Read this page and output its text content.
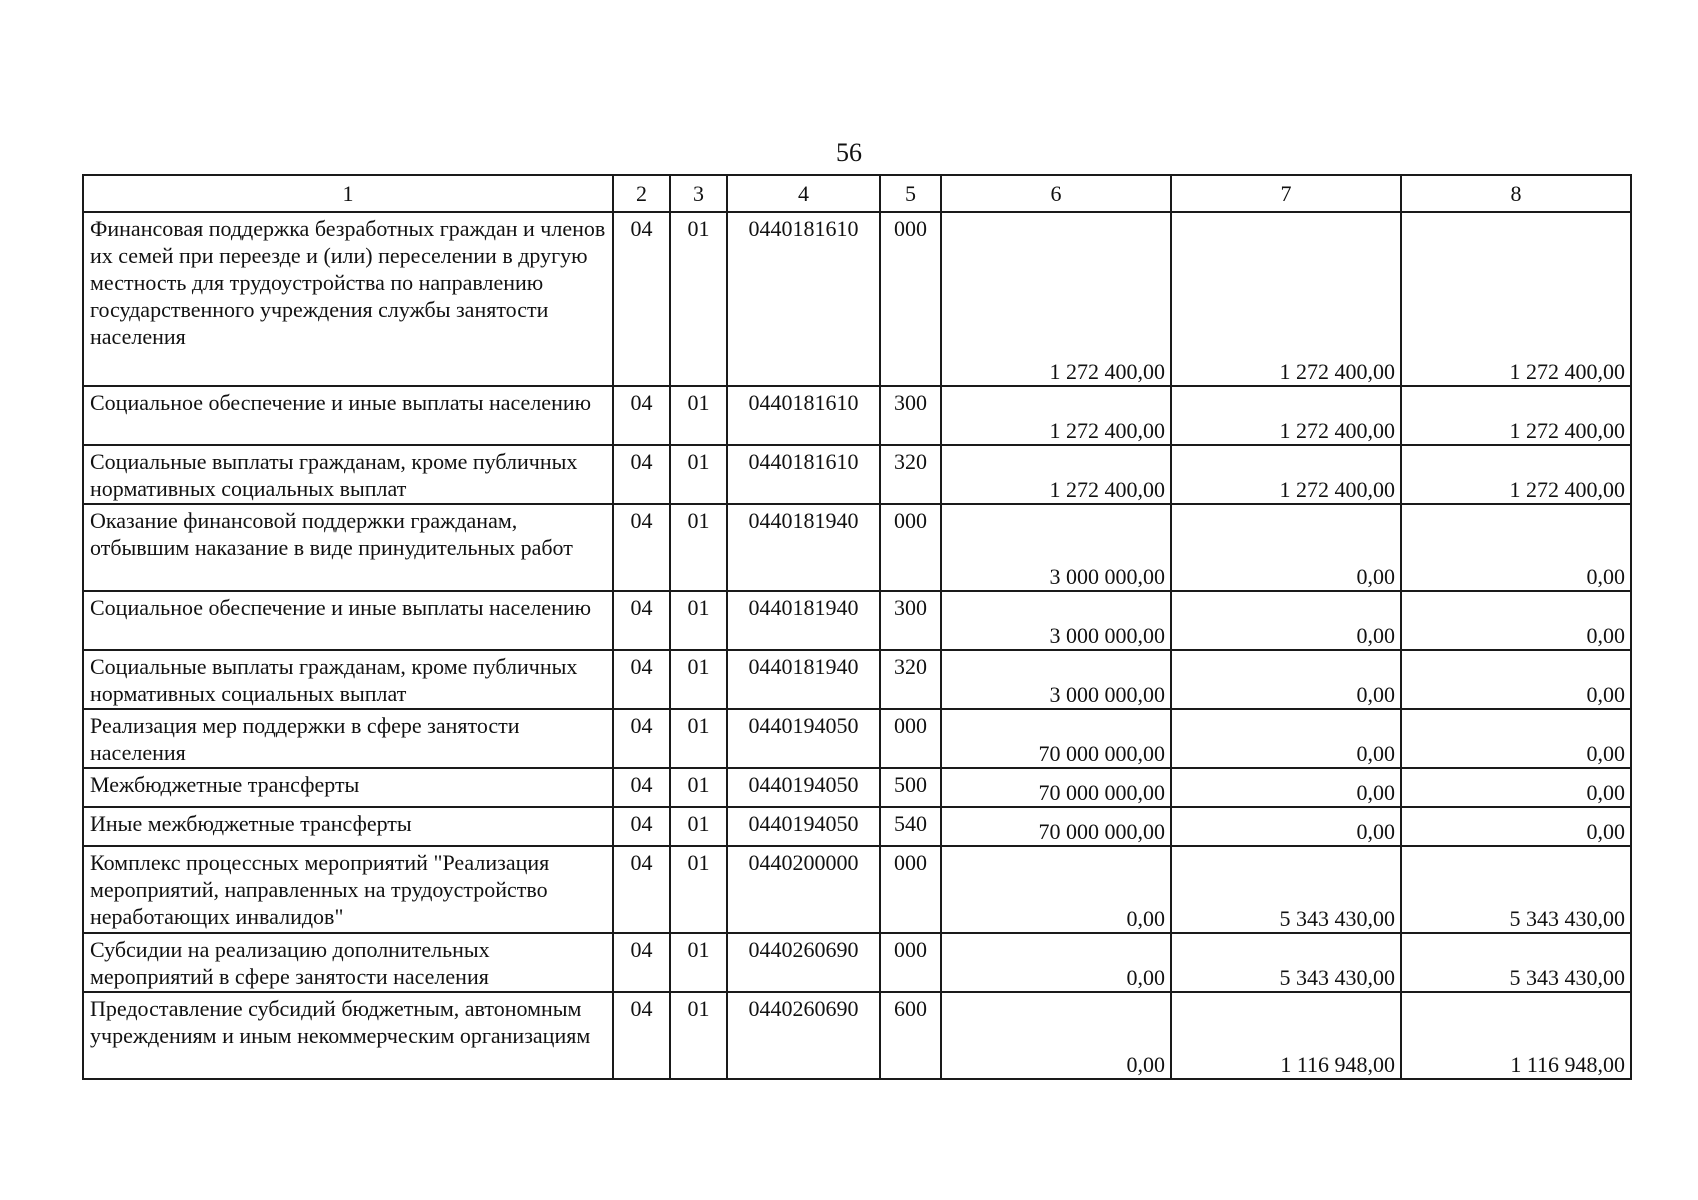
56
1	2	3	4	5	6	7	8
Финансовая поддержка безработных граждан и членов их семей при переезде и (или) переселении в другую местность для трудоустройства по направлению государственного учреждения службы занятости населения	04	01	0440181610	000	1 272 400,00	1 272 400,00	1 272 400,00
Социальное обеспечение и иные выплаты населению	04	01	0440181610	300	1 272 400,00	1 272 400,00	1 272 400,00
Социальные выплаты гражданам, кроме публичных нормативных социальных выплат	04	01	0440181610	320	1 272 400,00	1 272 400,00	1 272 400,00
Оказание финансовой поддержки гражданам, отбывшим наказание в виде принудительных работ	04	01	0440181940	000	3 000 000,00	0,00	0,00
Социальное обеспечение и иные выплаты населению	04	01	0440181940	300	3 000 000,00	0,00	0,00
Социальные выплаты гражданам, кроме публичных нормативных социальных выплат	04	01	0440181940	320	3 000 000,00	0,00	0,00
Реализация мер поддержки в сфере занятости населения	04	01	0440194050	000	70 000 000,00	0,00	0,00
Межбюджетные трансферты	04	01	0440194050	500	70 000 000,00	0,00	0,00
Иные межбюджетные трансферты	04	01	0440194050	540	70 000 000,00	0,00	0,00
Комплекс процессных мероприятий "Реализация мероприятий, направленных на трудоустройство неработающих инвалидов"	04	01	0440200000	000	0,00	5 343 430,00	5 343 430,00
Субсидии на реализацию дополнительных мероприятий в сфере занятости населения	04	01	0440260690	000	0,00	5 343 430,00	5 343 430,00
Предоставление субсидий бюджетным, автономным учреждениям и иным некоммерческим организациям	04	01	0440260690	600	0,00	1 116 948,00	1 116 948,00
